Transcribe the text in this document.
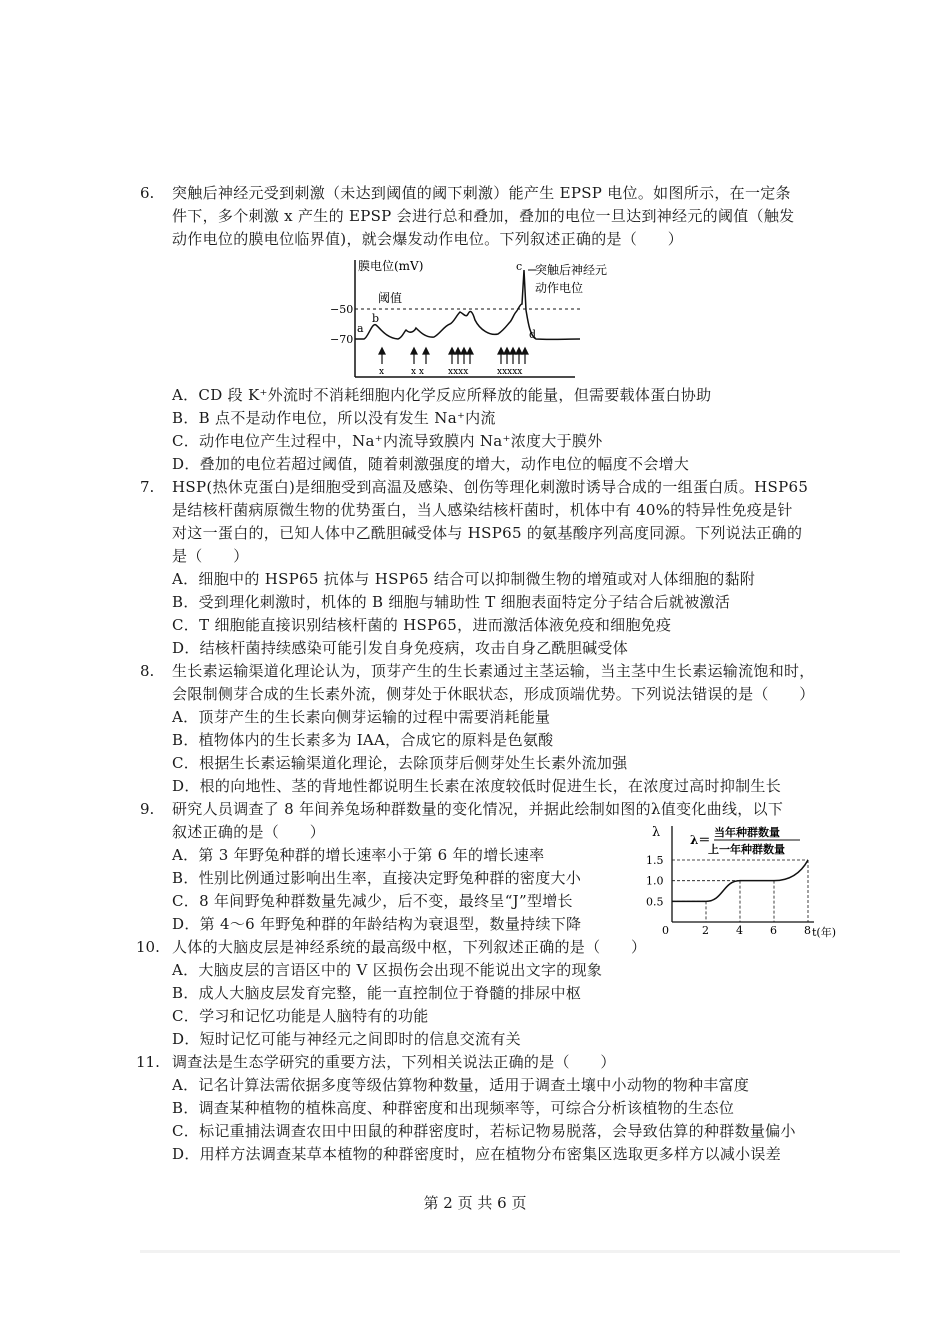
6. 突触后神经元受到刺激（未达到阈值的阈下刺激）能产生 EPSP 电位。如图所示，在一定条
件下，多个刺激 x 产生的 EPSP 会进行总和叠加，叠加的电位一旦达到神经元的阈值（触发
动作电位的膜电位临界值)，就会爆发动作电位。下列叙述正确的是（　　）
膜电位(mV)
−50
−70
阈值
a
b
c
d
突触后神经元
动作电位
x	x x	xxxx	xxxxx
A．CD 段 K⁺外流时不消耗细胞内化学反应所释放的能量，但需要载体蛋白协助
B．B 点不是动作电位，所以没有发生 Na⁺内流
C．动作电位产生过程中，Na⁺内流导致膜内 Na⁺浓度大于膜外
D．叠加的电位若超过阈值，随着刺激强度的增大，动作电位的幅度不会增大
7. HSP(热休克蛋白)是细胞受到高温及感染、创伤等理化刺激时诱导合成的一组蛋白质。HSP65
是结核杆菌病原微生物的优势蛋白，当人感染结核杆菌时，机体中有 40%的特异性免疫是针
对这一蛋白的，已知人体中乙酰胆碱受体与 HSP65 的氨基酸序列高度同源。下列说法正确的
是（　　）
A．细胞中的 HSP65 抗体与 HSP65 结合可以抑制微生物的增殖或对人体细胞的黏附
B．受到理化刺激时，机体的 B 细胞与辅助性 T 细胞表面特定分子结合后就被激活
C．T 细胞能直接识别结核杆菌的 HSP65，进而激活体液免疫和细胞免疫
D．结核杆菌持续感染可能引发自身免疫病，攻击自身乙酰胆碱受体
8. 生长素运输渠道化理论认为，顶芽产生的生长素通过主茎运输，当主茎中生长素运输流饱和时，
会限制侧芽合成的生长素外流，侧芽处于休眠状态，形成顶端优势。下列说法错误的是（　　）
A．顶芽产生的生长素向侧芽运输的过程中需要消耗能量
B．植物体内的生长素多为 IAA，合成它的原料是色氨酸
C．根据生长素运输渠道化理论，去除顶芽后侧芽处生长素外流加强
D．根的向地性、茎的背地性都说明生长素在浓度较低时促进生长，在浓度过高时抑制生长
9. 研究人员调查了 8 年间养兔场种群数量的变化情况，并据此绘制如图的λ值变化曲线，以下
叙述正确的是（　　）
A．第 3 年野兔种群的增长速率小于第 6 年的增长速率
B．性别比例通过影响出生率，直接决定野兔种群的密度大小
C．8 年间野兔种群数量先减少，后不变，最终呈“J”型增长
D．第 4～6 年野兔种群的年龄结构为衰退型，数量持续下降
λ λ＝
当年种群数量
上一年种群数量
0	t(年)
0.5
1.0
1.5
2 4 6 8
10. 人体的大脑皮层是神经系统的最高级中枢，下列叙述正确的是（　　）
A．大脑皮层的言语区中的 V 区损伤会出现不能说出文字的现象
B．成人大脑皮层发育完整，能一直控制位于脊髓的排尿中枢
C．学习和记忆功能是人脑特有的功能
D．短时记忆可能与神经元之间即时的信息交流有关
11. 调查法是生态学研究的重要方法，下列相关说法正确的是（　　）
A．记名计算法需依据多度等级估算物种数量，适用于调查土壤中小动物的物种丰富度
B．调查某种植物的植株高度、种群密度和出现频率等，可综合分析该植物的生态位
C．标记重捕法调查农田中田鼠的种群密度时，若标记物易脱落，会导致估算的种群数量偏小
D．用样方法调查某草本植物的种群密度时，应在植物分布密集区选取更多样方以减小误差
第 2 页 共 6 页
